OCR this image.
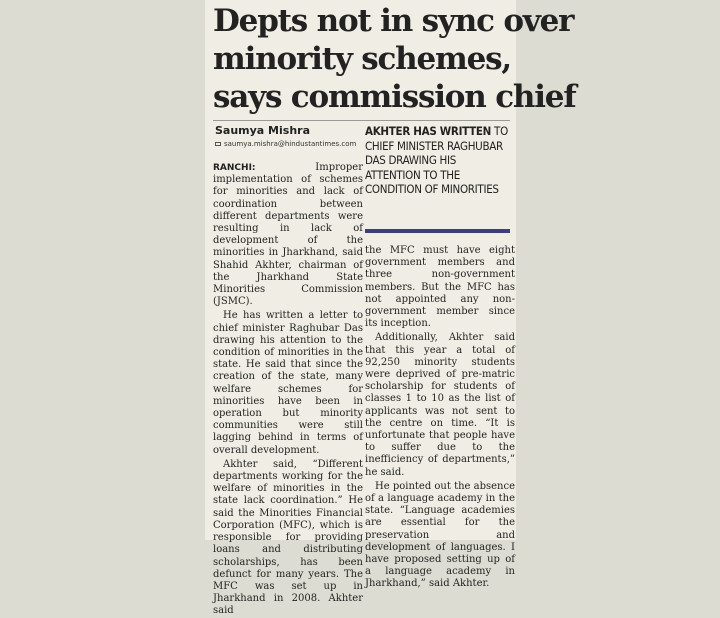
Depts not in sync over
minority schemes,
says commission chief
Saumya Mishra
saumya.mishra@hindustantimes.com
AKHTER HAS WRITTEN TO CHIEF MINISTER RAGHUBAR DAS DRAWING HIS ATTENTION TO THE CONDITION OF MINORITIES

RANCHI:	Improper implementation of schemes for minorities and lack of coordination between different departments were resulting in lack of development of the minorities in Jharkhand, said Shahid Akhter, chairman of the Jharkhand State Minorities Commission (JSMC).

He has written a letter to chief minister Raghubar Das drawing his attention to the condition of minorities in the state. He said that since the creation of the state, many welfare schemes for minorities have been in operation but minority communities were still lagging behind in terms of overall development.

Akhter said, “Different departments working for the welfare of minorities in the state lack coordination.” He said the Minorities Financial Corporation (MFC), which is responsible for providing loans and distributing scholarships, has been defunct for many years. The MFC was set up in Jharkhand in 2008. Akhter said

the MFC must have eight government members and three non-government members. But the MFC has not appointed any non-government member since its inception.

Additionally, Akhter said that this year a total of 92,250 minority students were deprived of pre-matric scholarship for students of classes 1 to 10 as the list of applicants was not sent to the centre on time. “It is unfortunate that people have to suffer due to the inefficiency of departments,” he said.

He pointed out the absence of a language academy in the state. “Language academies are essential for the preservation and development of languages. I have proposed setting up of a language academy in Jharkhand,” said Akhter.
